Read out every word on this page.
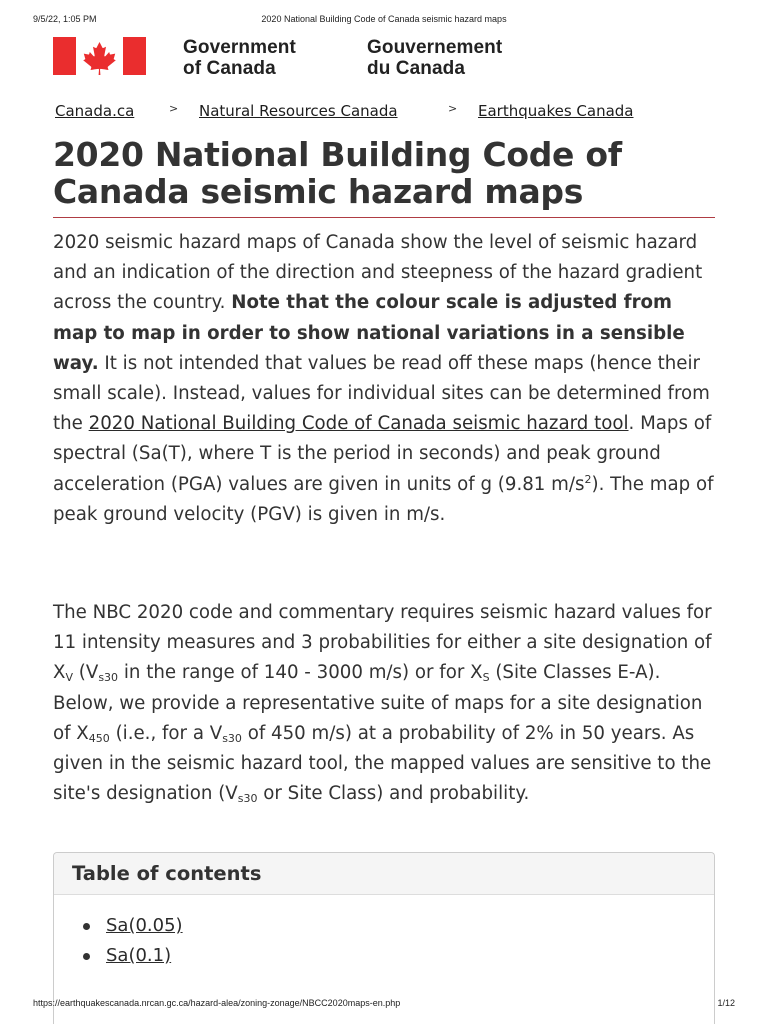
9/5/22, 1:05 PM	2020 National Building Code of Canada seismic hazard maps
Government
of Canada
Gouvernement
du Canada
Canada.ca	> Natural Resources Canada	> Earthquakes Canada
2020 National Building Code of Canada seismic hazard maps

2020 seismic hazard maps of Canada show the level of seismic hazard and an indication of the direction and steepness of the hazard gradient across the country. Note that the colour scale is adjusted from map to map in order to show national variations in a sensible way. It is not intended that values be read off these maps (hence their small scale). Instead, values for individual sites can be determined from the 2020 National Building Code of Canada seismic hazard tool. Maps of spectral (Sa(T), where T is the period in seconds) and peak ground acceleration (PGA) values are given in units of g (9.81 $m/s^2$). The map of peak ground velocity (PGV) is given in m/s.

The NBC 2020 code and commentary requires seismic hazard values for 11 intensity measures and 3 probabilities for either a site designation of $X_V$ ($V_{s30}$ in the range of 140 - 3000 m/s) or for $X_S$ (Site Classes E-A). Below, we provide a representative suite of maps for a site designation of $X_{450}$ (i.e., for a $V_{s30}$ of 450 m/s) at a probability of 2% in 50 years. As given in the seismic hazard tool, the mapped values are sensitive to the site's designation ($V_{s30}$ or Site Class) and probability.

Table of contents
Sa(0.05)
Sa(0.1)
https://earthquakescanada.nrcan.gc.ca/hazard-alea/zoning-zonage/NBCC2020maps-en.php	1/12
